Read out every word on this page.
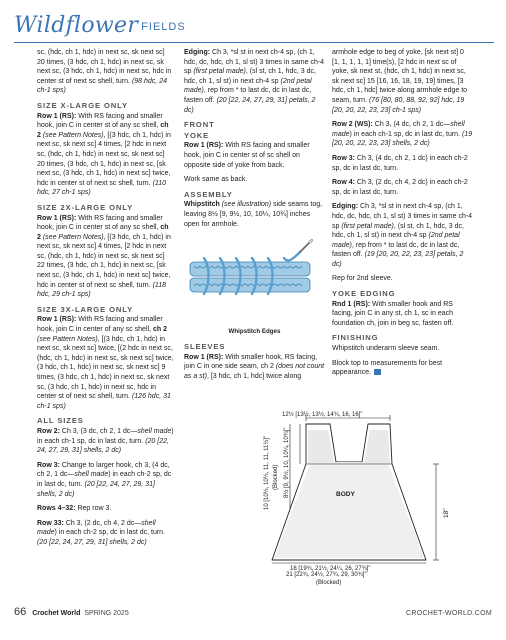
Wildflower FIELDS
sc, (hdc, ch 1, hdc) in next sc, sk next sc] 20 times, (3 hdc, ch 1, hdc) in next sc, sk next sc, (3 hdc, ch 1, hdc) in next sc, hdc in center st of next sc shell, turn. (98 hdc, 24 ch-1 sps)
SIZE X-LARGE ONLY
Row 1 (RS): With RS facing and smaller hook, join C in center st of any sc shell, ch 2 (see Pattern Notes), [(3 hdc, ch 1, hdc) in next sc, sk next sc] 4 times, [2 hdc in next sc, (hdc, ch 1, hdc) in next sc, sk next sc] 20 times, (3 hdc, ch 1, hdc) in next sc, [sk next sc, (3 hdc, ch 1, hdc) in next sc] twice, hdc in center st of next sc shell, turn. (110 hdc, 27 ch-1 sps)
SIZE 2X-LARGE ONLY
Row 1 (RS): With RS facing and smaller hook, join C in center st of any sc shell, ch 2 (see Pattern Notes), [(3 hdc, ch 1, hdc) in next sc, sk next sc] 4 times, [2 hdc in next sc, (hdc, ch 1, hdc) in next sc, sk next sc] 22 times, (3 hdc, ch 1, hdc) in next sc, [sk next sc, (3 hdc, ch 1, hdc) in next sc] twice, hdc in center st of next sc shell, turn. (118 hdc, 29 ch-1 sps)
SIZE 3X-LARGE ONLY
Row 1 (RS): With RS facing and smaller hook, join C in center of any sc shell, ch 2 (see Pattern Notes), [(3 hdc, ch 1, hdc) in next sc, sk next sc] twice, [(2 hdc in next sc, (hdc, ch 1, hdc) in next sc, sk next sc] twice, (3 hdc, ch 1, hdc) in next sc, sk next sc] 9 times, (3 hdc, ch 1, hdc) in next sc, sk next sc, (3 hdc, ch 1, hdc) in next sc, hdc in center st of next sc shell, turn. (126 hdc, 31 ch-1 sps)
ALL SIZES
Row 2: Ch 3, (3 dc, ch 2, 1 dc—shell made) in each ch-1 sp, dc in last dc, turn. (20 [22, 24, 27, 29, 31] shells, 2 dc)
Row 3: Change to larger hook, ch 3, (4 dc, ch 2, 1 dc—shell made) in each ch-2 sp, dc in last dc, turn. (20 [22, 24, 27, 29, 31] shells, 2 dc)
Rows 4–32: Rep row 3.
Row 33: Ch 3, (2 dc, ch 4, 2 dc—shell made) in each ch-2 sp, dc in last dc, turn. (20 [22, 24, 27, 29, 31] shells, 2 dc)
Edging: Ch 3, *sl st in next ch-4 sp, (ch 1, hdc, dc, hdc, ch 1, sl st) 3 times in same ch-4 sp (first petal made), (sl st, ch 1, hdc, 3 dc, hdc, ch 1, sl st) in next ch-4 sp (2nd petal made), rep from * to last dc, dc in last dc, fasten off. (20 [22, 24, 27, 29, 31] petals, 2 dc)
FRONT
YOKE
Row 1 (RS): With RS facing and smaller hook, join C in center st of sc shell on opposite side of yoke from back.
Work same as back.
ASSEMBLY
Whipstitch (see illustration) side seams tog, leaving 8½ [9, 9½, 10, 10¼, 10¾] inches open for armhole.
Whipstitch Edges
SLEEVES
Row 1 (RS): With smaller hook, RS facing, join C in one side seam, ch 2 (does not count as a st), [3 hdc, ch 1, hdc] twice along
armhole edge to beg of yoke, [sk next st] 0 [1, 1, 1, 1, 1] time(s), [2 hdc in next sc of yoke, sk next st, (hdc, ch 1, hdc) in next sc, sk next sc] 15 [16, 16, 18, 19, 19] times, [3 hdc, ch 1, hdc] twice along armhole edge to seam, turn. (76 [80, 80, 88, 92, 92] hdc, 19 [20, 20, 22, 23, 23] ch-1 sps)
Row 2 (WS): Ch 3, (4 dc, ch 2, 1 dc—shell made) in each ch-1 sp, dc in last dc, turn. (19 [20, 20, 22, 23, 23] shells, 2 dc)
Row 3: Ch 3, (4 dc, ch 2, 1 dc) in each ch-2 sp, dc in last dc, turn.
Row 4: Ch 3, (2 dc, ch 4, 2 dc) in each ch-2 sp, dc in last dc, turn.
Edging: Ch 3, *sl st in next ch-4 sp, (ch 1, hdc, dc, hdc, ch 1, sl st) 3 times in same ch-4 sp (first petal made), (sl st, ch 1, hdc, 3 dc, hdc, ch 1, sl st) in next ch-4 sp (2nd petal made), rep from * to last dc, dc in last dc, fasten off. (19 [20, 20, 22, 23, 23] petals, 2 dc)
Rep for 2nd sleeve.
YOKE EDGING
Rnd 1 (RS): With smaller hook and RS facing, join C in any st, ch 1, sc in each foundation ch, join in beg sc, fasten off.
FINISHING
Whipstitch underarm sleeve seam.
Block top to measurements for best appearance.
12½ [13½, 13½, 14¾, 16, 16]"
BODY
10 [10½, 10½, 11, 11, 11½]" (Blocked) 8½ [9, 9½, 10, 10¼, 10¾]"
18"
18 [19¾, 21½, 24¼, 26, 27¾]"
21 [22¾, 24½, 27¾, 29, 30¾]"
(Blocked)
66 Crochet World SPRING 2025	CROCHET-WORLD.COM
